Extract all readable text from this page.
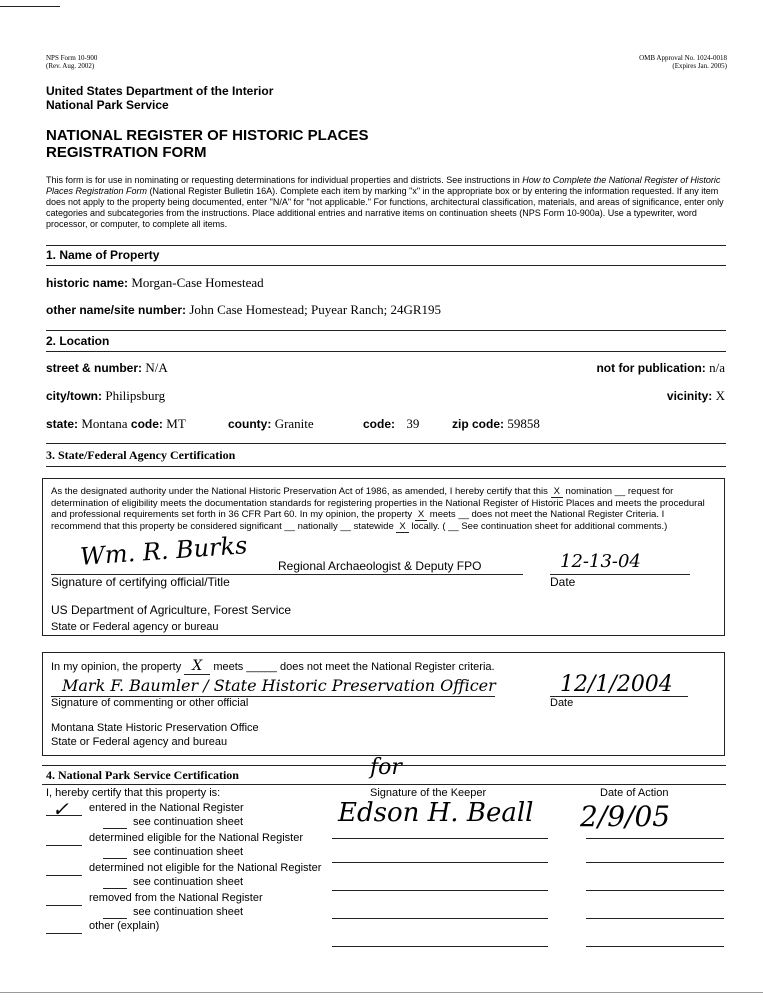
NPS Form 10-900
(Rev. Aug. 2002)
OMB Approval No. 1024-0018
(Expires Jan. 2005)
United States Department of the Interior
National Park Service
NATIONAL REGISTER OF HISTORIC PLACES
REGISTRATION FORM
This form is for use in nominating or requesting determinations for individual properties and districts. See instructions in How to Complete the National Register of Historic Places Registration Form (National Register Bulletin 16A). Complete each item by marking "x" in the appropriate box or by entering the information requested. If any item does not apply to the property being documented, enter "N/A" for "not applicable." For functions, architectural classification, materials, and areas of significance, enter only categories and subcategories from the instructions. Place additional entries and narrative items on continuation sheets (NPS Form 10-900a). Use a typewriter, word processor, or computer, to complete all items.
1. Name of Property
historic name: Morgan-Case Homestead
other name/site number: John Case Homestead; Puyear Ranch; 24GR195
2. Location
street & number: N/A	not for publication: n/a
city/town: Philipsburg	vicinity: X
state: Montana code: MT	county: Granite	code: 39	zip code: 59858
3. State/Federal Agency Certification
As the designated authority under the National Historic Preservation Act of 1986, as amended, I hereby certify that this X nomination __ request for determination of eligibility meets the documentation standards for registering properties in the National Register of Historic Places and meets the procedural and professional requirements set forth in 36 CFR Part 60. In my opinion, the property X meets __ does not meet the National Register Criteria. I recommend that this property be considered significant __ nationally __ statewide X locally. ( __ See continuation sheet for additional comments.)
Wm. R. Burks Regional Archaeologist & Deputy FPO
Signature of certifying official/Title
12-13-04
Date
US Department of Agriculture, Forest Service
State or Federal agency or bureau
In my opinion, the property X meets _____ does not meet the National Register criteria.
Mark F. Baumler / State Historic Preservation Officer
Signature of commenting or other official
12/1/2004
Date
Montana State Historic Preservation Office
State or Federal agency and bureau
4. National Park Service Certification
I, hereby certify that this property is:
for
Signature of the Keeper	Date of Action
Edson H. Beall 2/9/05
✓ entered in the National Register
see continuation sheet
determined eligible for the National Register
see continuation sheet
determined not eligible for the National Register
see continuation sheet
removed from the National Register
see continuation sheet
other (explain)
